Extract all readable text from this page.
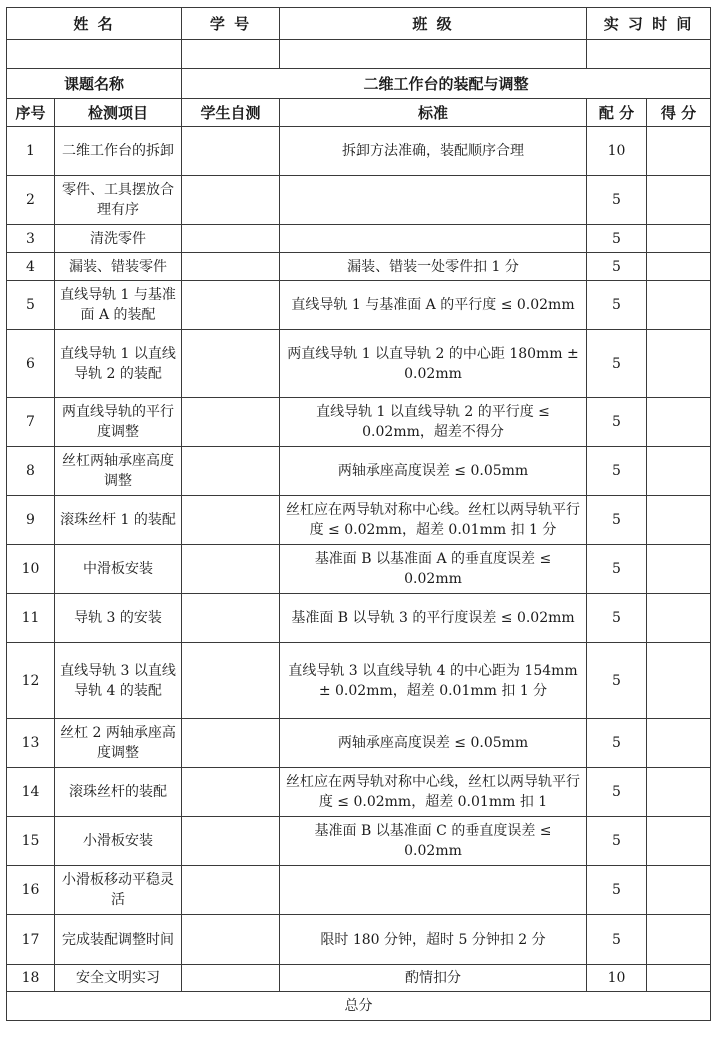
姓 名		学 号	班 级	实 习 时 间	

课题名称		二维工作台的装配与调整			
序号	检测项目	学生自测	标准	配 分	得 分
1	二维工作台的拆卸		拆卸方法准确，装配顺序合理	10	
2	零件、工具摆放合理有序			5	
3	清洗零件			5	
4	漏装、错装零件		漏装、错装一处零件扣 1 分	5	
5	直线导轨 1 与基准面 A 的装配		直线导轨 1 与基准面 A 的平行度 ≤ 0.02mm	5	
6	直线导轨 1 以直线导轨 2 的装配		两直线导轨 1 以直导轨 2 的中心距 180mm ± 0.02mm	5	
7	两直线导轨的平行度调整		直线导轨 1 以直线导轨 2 的平行度 ≤ 0.02mm，超差不得分	5	
8	丝杠两轴承座高度调整		两轴承座高度误差 ≤ 0.05mm	5	
9	滚珠丝杆 1 的装配		丝杠应在两导轨对称中心线。丝杠以两导轨平行度 ≤ 0.02mm，超差 0.01mm 扣 1 分	5	
10	中滑板安装		基准面 B 以基准面 A 的垂直度误差 ≤ 0.02mm	5	
11	导轨 3 的安装		基准面 B 以导轨 3 的平行度误差 ≤ 0.02mm	5	
12	直线导轨 3 以直线导轨 4 的装配		直线导轨 3 以直线导轨 4 的中心距为 154mm ± 0.02mm，超差 0.01mm 扣 1 分	5	
13	丝杠 2 两轴承座高度调整		两轴承座高度误差 ≤ 0.05mm	5	
14	滚珠丝杆的装配		丝杠应在两导轨对称中心线，丝杠以两导轨平行度 ≤ 0.02mm，超差 0.01mm 扣 1	5	
15	小滑板安装		基准面 B 以基准面 C 的垂直度误差 ≤ 0.02mm	5	
16	小滑板移动平稳灵活			5	
17	完成装配调整时间		限时 180 分钟，超时 5 分钟扣 2 分	5	
18	安全文明实习		酌情扣分	10	
总分					
